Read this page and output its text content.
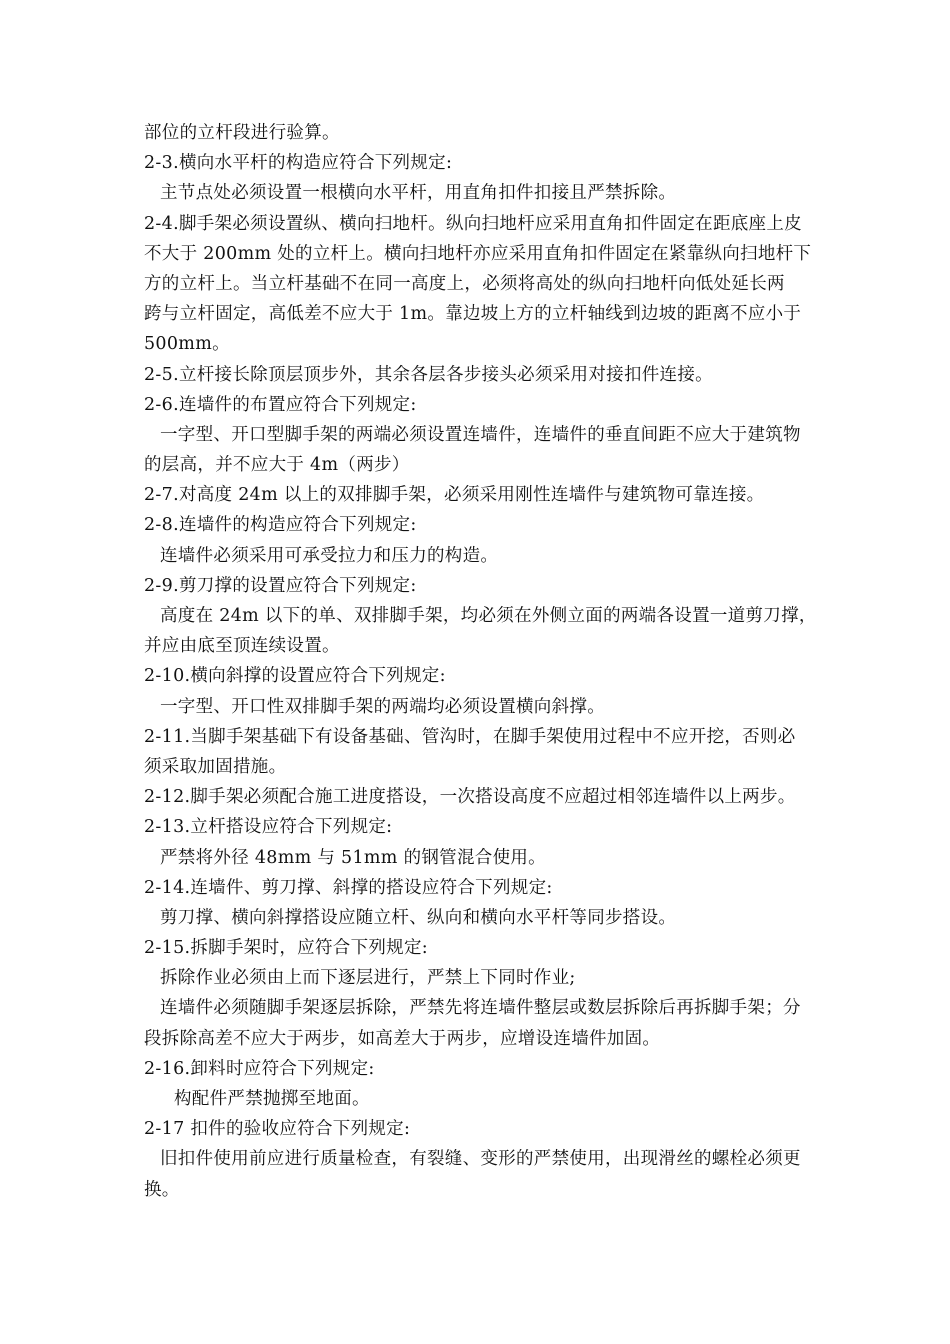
部位的立杆段进行验算。
2-3.横向水平杆的构造应符合下列规定:
主节点处必须设置一根横向水平杆，用直角扣件扣接且严禁拆除。
2-4.脚手架必须设置纵、横向扫地杆。纵向扫地杆应采用直角扣件固定在距底座上皮
不大于 200mm 处的立杆上。横向扫地杆亦应采用直角扣件固定在紧靠纵向扫地杆下
方的立杆上。当立杆基础不在同一高度上，必须将高处的纵向扫地杆向低处延长两
跨与立杆固定，高低差不应大于 1m。靠边坡上方的立杆轴线到边坡的距离不应小于
500mm。
2-5.立杆接长除顶层顶步外，其余各层各步接头必须采用对接扣件连接。
2-6.连墙件的布置应符合下列规定:
一字型、开口型脚手架的两端必须设置连墙件，连墙件的垂直间距不应大于建筑物
的层高，并不应大于 4m（两步）
2-7.对高度 24m 以上的双排脚手架，必须采用刚性连墙件与建筑物可靠连接。
2-8.连墙件的构造应符合下列规定:
连墙件必须采用可承受拉力和压力的构造。
2-9.剪刀撑的设置应符合下列规定:
高度在 24m 以下的单、双排脚手架，均必须在外侧立面的两端各设置一道剪刀撑，
并应由底至顶连续设置。
2-10.横向斜撑的设置应符合下列规定:
一字型、开口性双排脚手架的两端均必须设置横向斜撑。
2-11.当脚手架基础下有设备基础、管沟时，在脚手架使用过程中不应开挖，否则必
须采取加固措施。
2-12.脚手架必须配合施工进度搭设，一次搭设高度不应超过相邻连墙件以上两步。
2-13.立杆搭设应符合下列规定:
严禁将外径 48mm 与 51mm 的钢管混合使用。
2-14.连墙件、剪刀撑、斜撑的搭设应符合下列规定:
剪刀撑、横向斜撑搭设应随立杆、纵向和横向水平杆等同步搭设。
2-15.拆脚手架时，应符合下列规定:
拆除作业必须由上而下逐层进行，严禁上下同时作业;
连墙件必须随脚手架逐层拆除，严禁先将连墙件整层或数层拆除后再拆脚手架；分
段拆除高差不应大于两步，如高差大于两步，应增设连墙件加固。
2-16.卸料时应符合下列规定:
构配件严禁抛掷至地面。
2-17 扣件的验收应符合下列规定:
旧扣件使用前应进行质量检查，有裂缝、变形的严禁使用，出现滑丝的螺栓必须更
换。
